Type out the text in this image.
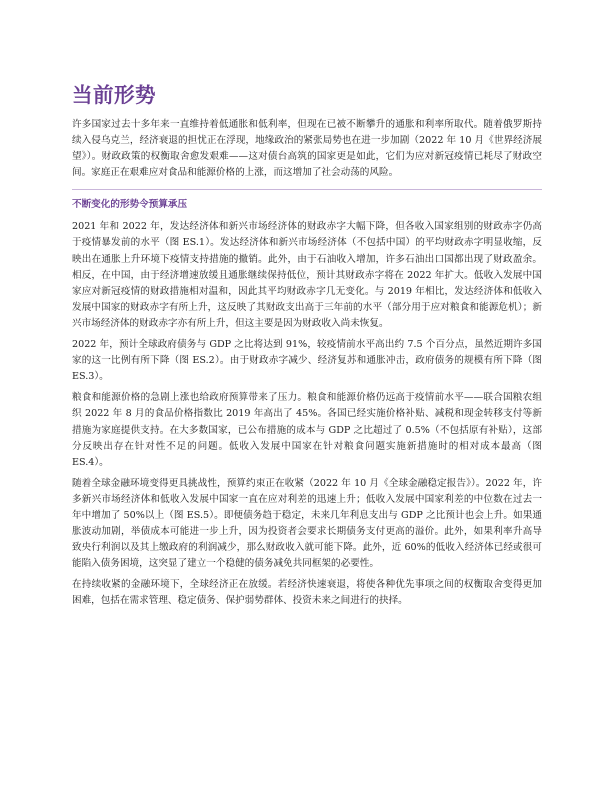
当前形势

许多国家过去十多年来一直维持着低通胀和低利率，但现在已被不断攀升的通胀和利率所取代。随着俄罗斯持续入侵乌克兰，经济衰退的担忧正在浮现，地缘政治的紧张局势也在进一步加剧（2022 年 10 月《世界经济展望》）。财政政策的权衡取舍愈发艰难——这对债台高筑的国家更是如此，它们为应对新冠疫情已耗尽了财政空间。家庭正在艰难应对食品和能源价格的上涨，而这增加了社会动荡的风险。

不断变化的形势令预算承压

2021 年和 2022 年，发达经济体和新兴市场经济体的财政赤字大幅下降，但各收入国家组别的财政赤字仍高于疫情暴发前的水平（图 ES.1）。发达经济体和新兴市场经济体（不包括中国）的平均财政赤字明显收缩，反映出在通胀上升环境下疫情支持措施的撤销。此外，由于石油收入增加，许多石油出口国都出现了财政盈余。相反，在中国，由于经济增速放缓且通胀继续保持低位，预计其财政赤字将在 2022 年扩大。低收入发展中国家应对新冠疫情的财政措施相对温和，因此其平均财政赤字几无变化。与 2019 年相比，发达经济体和低收入发展中国家的财政赤字有所上升，这反映了其财政支出高于三年前的水平（部分用于应对粮食和能源危机）；新兴市场经济体的财政赤字亦有所上升，但这主要是因为财政收入尚未恢复。

2022 年，预计全球政府债务与 GDP 之比将达到 91%，较疫情前水平高出约 7.5 个百分点，虽然近期许多国家的这一比例有所下降（图 ES.2）。由于财政赤字减少、经济复苏和通胀冲击，政府债务的规模有所下降（图 ES.3）。

粮食和能源价格的急剧上涨也给政府预算带来了压力。粮食和能源价格仍远高于疫情前水平——联合国粮农组织 2022 年 8 月的食品价格指数比 2019 年高出了 45%。各国已经实施价格补贴、减税和现金转移支付等新措施为家庭提供支持。在大多数国家，已公布措施的成本与 GDP 之比超过了 0.5%（不包括原有补贴），这部分反映出存在针对性不足的问题。低收入发展中国家在针对粮食问题实施新措施时的相对成本最高（图 ES.4）。

随着全球金融环境变得更具挑战性，预算约束正在收紧（2022 年 10 月《全球金融稳定报告》）。2022 年，许多新兴市场经济体和低收入发展中国家一直在应对利差的迅速上升；低收入发展中国家利差的中位数在过去一年中增加了 50%以上（图 ES.5）。即便债务趋于稳定，未来几年利息支出与 GDP 之比预计也会上升。如果通胀波动加剧，举债成本可能进一步上升，因为投资者会要求长期债务支付更高的溢价。此外，如果利率升高导致央行利润以及其上缴政府的利润减少，那么财政收入就可能下降。此外，近 60%的低收入经济体已经或很可能陷入债务困境，这突显了建立一个稳健的债务减免共同框架的必要性。

在持续收紧的金融环境下，全球经济正在放缓。若经济快速衰退，将使各种优先事项之间的权衡取舍变得更加困难，包括在需求管理、稳定债务、保护弱势群体、投资未来之间进行的抉择。
